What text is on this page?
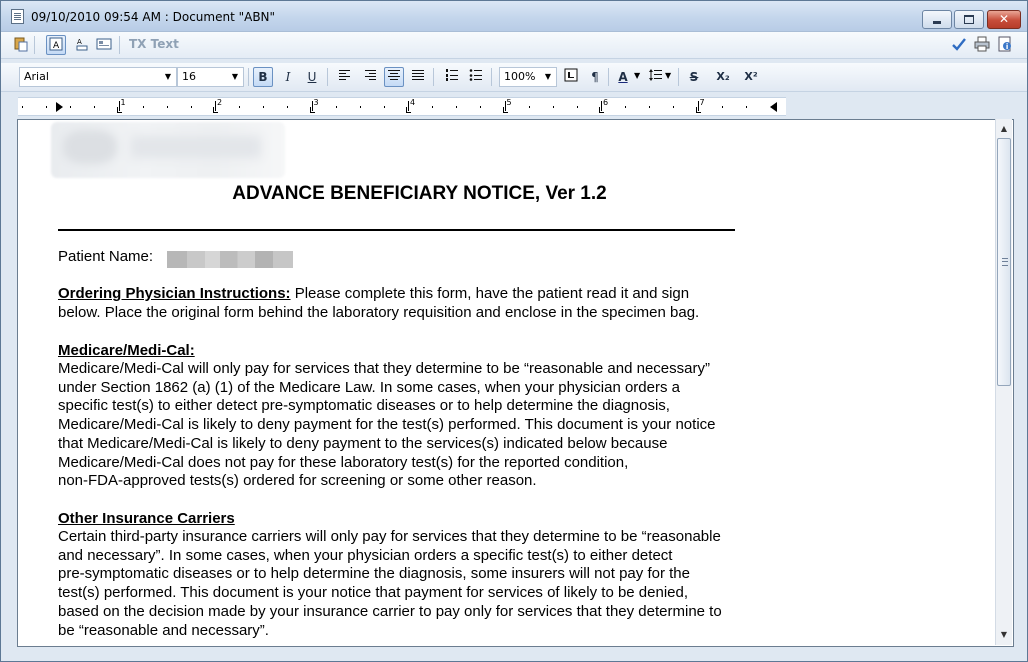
09/10/2010 09:54 AM : Document "ABN"	✕
A	A	TX Text
Arial	▼ 16	▼	B	I	U	100%	▼	¶	A ▼	▼	S	X₂	X²
1	2	3	4	5	6	7
ADVANCE BENEFICIARY NOTICE, Ver 1.2
Patient Name:
Ordering Physician Instructions: Please complete this form, have the patient read it and sign
below. Place the original form behind the laboratory requisition and enclose in the specimen bag.
Medicare/Medi-Cal:
Medicare/Medi-Cal will only pay for services that they determine to be “reasonable and necessary”
under Section 1862 (a) (1) of the Medicare Law. In some cases, when your physician orders a
specific test(s) to either detect pre-symptomatic diseases or to help determine the diagnosis,
Medicare/Medi-Cal is likely to deny payment for the test(s) performed. This document is your notice
that Medicare/Medi-Cal is likely to deny payment to the services(s) indicated below because
Medicare/Medi-Cal does not pay for these laboratory test(s) for the reported condition,
non-FDA-approved tests(s) ordered for screening or some other reason.
Other Insurance Carriers
Certain third-party insurance carriers will only pay for services that they determine to be “reasonable
and necessary”. In some cases, when your physician orders a specific test(s) to either detect
pre-symptomatic diseases or to help determine the diagnosis, some insurers will not pay for the
test(s) performed. This document is your notice that payment for services of likely to be denied,
based on the decision made by your insurance carrier to pay only for services that they determine to
be “reasonable and necessary”.
▲
▼
